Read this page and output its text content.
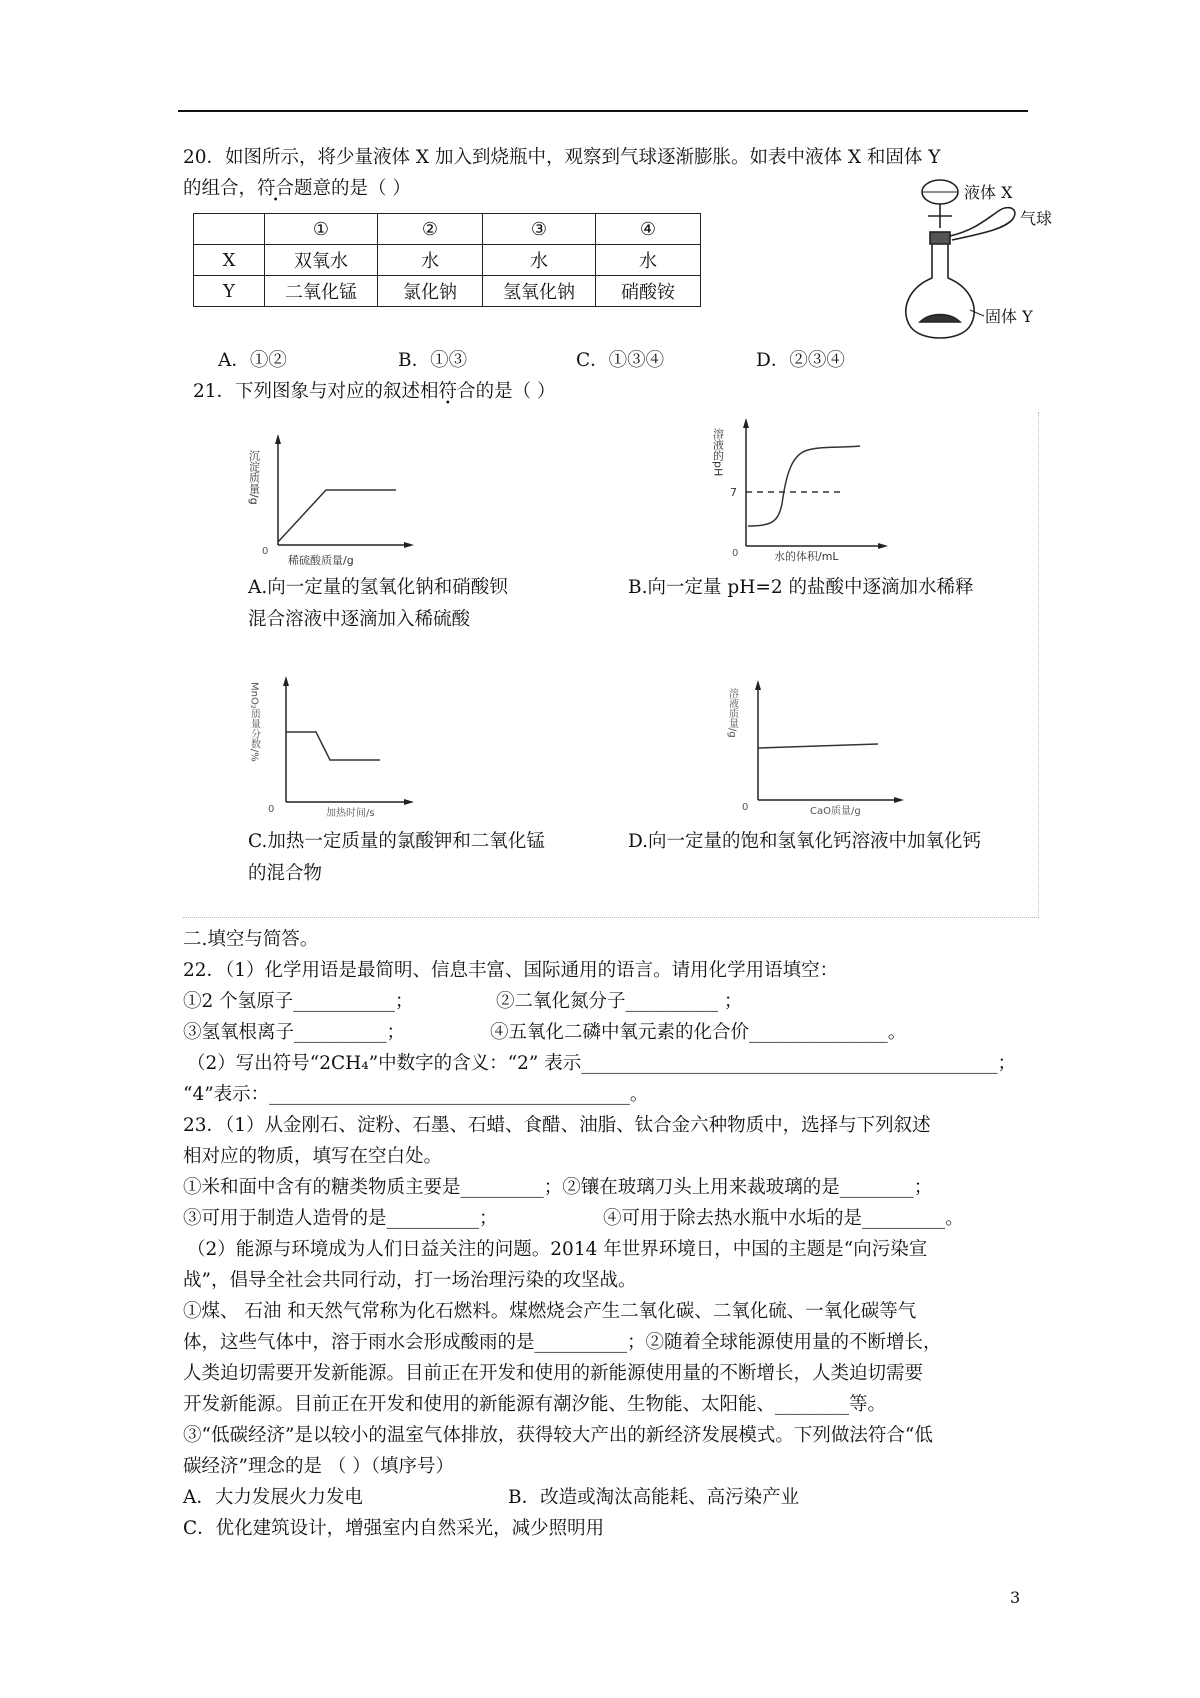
20．如图所示，将少量液体 X 加入到烧瓶中，观察到气球逐渐膨胀。如表中液体 X 和固体 Y
的组合，符合题意的是（ ）
	①	②	③	④
X	双氧水	水	水	水
Y	二氧化锰	氯化钠	氢氧化钠	硝酸铵
液体 X
气球
固体 Y
A．①②	B．①③	C．①③④	D．②③④
21．下列图象与对应的叙述相符合的是（ ）
沉淀质量/g
0
稀硫酸质量/g
A.向一定量的氢氧化钠和硝酸钡
混合溶液中逐滴加入稀硫酸
溶液的pH
7
0	水的体积/mL
B.向一定量 pH=2 的盐酸中逐滴加水稀释
MnO₂质量分数/%
0	加热时间/s
C.加热一定质量的氯酸钾和二氧化锰
的混合物
溶液质量/g
0	CaO质量/g
D.向一定量的饱和氢氧化钙溶液中加氧化钙
二.填空与简答。
22．（1）化学用语是最简明、信息丰富、国际通用的语言。请用化学用语填空：
①2 个氢原子___________；	②二氧化氮分子__________ ；
③氢氧根离子__________；	④五氧化二磷中氧元素的化合价_______________。
（2）写出符号“2CH₄”中数字的含义：“2” 表示_____________________________________________；
“4”表示：_______________________________________。
23．（1）从金刚石、淀粉、石墨、石蜡、食醋、油脂、钛合金六种物质中，选择与下列叙述
相对应的物质，填写在空白处。
①米和面中含有的糖类物质主要是_________；②镶在玻璃刀头上用来裁玻璃的是________；
③可用于制造人造骨的是__________；	④可用于除去热水瓶中水垢的是_________。
（2）能源与环境成为人们日益关注的问题。2014 年世界环境日，中国的主题是“向污染宣
战”，倡导全社会共同行动，打一场治理污染的攻坚战。
①煤、 石油 和天然气常称为化石燃料。煤燃烧会产生二氧化碳、二氧化硫、一氧化碳等气
体，这些气体中，溶于雨水会形成酸雨的是__________；②随着全球能源使用量的不断增长，
人类迫切需要开发新能源。目前正在开发和使用的新能源使用量的不断增长，人类迫切需要
开发新能源。目前正在开发和使用的新能源有潮汐能、生物能、太阳能、________等。
③“低碳经济”是以较小的温室气体排放，获得较大产出的新经济发展模式。下列做法符合“低
碳经济”理念的是 （ ）（填序号）
A．大力发展火力发电	B．改造或淘汰高能耗、高污染产业
C．优化建筑设计，增强室内自然采光，减少照明用
3
